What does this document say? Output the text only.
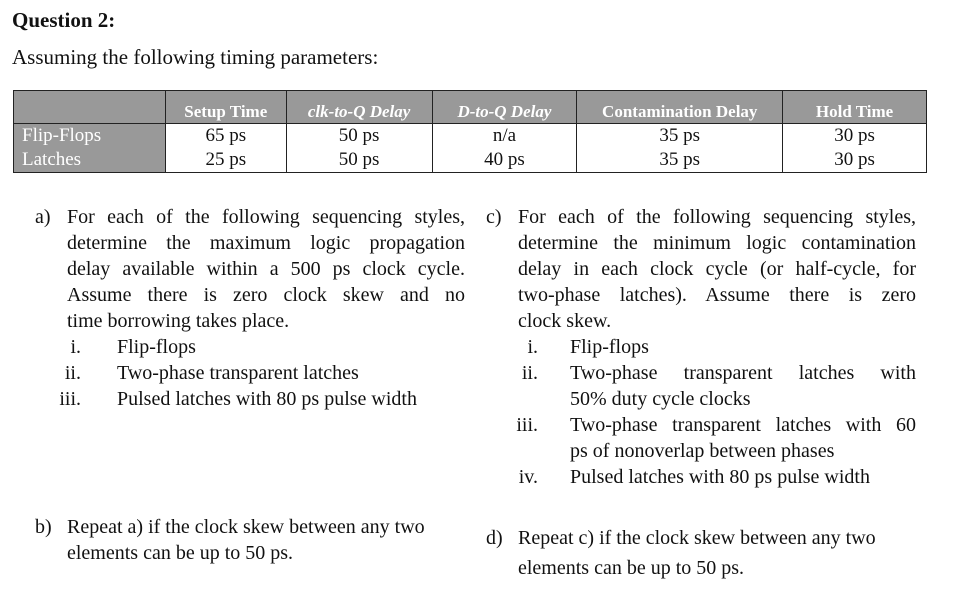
Question 2:
Assuming the following timing parameters:
	Setup Time	clk-to-Q Delay	D-to-Q Delay	Contamination Delay	Hold Time
Flip-Flops	65 ps	50 ps	n/a	35 ps	30 ps
Latches	25 ps	50 ps	40 ps	35 ps	30 ps
a) For each of the following sequencing styles,
determine the maximum logic propagation
delay available within a 500 ps clock cycle.
Assume there is zero clock skew and no
time borrowing takes place.
i. Flip-flops
ii. Two-phase transparent latches
iii. Pulsed latches with 80 ps pulse width
b) Repeat a) if the clock skew between any two
elements can be up to 50 ps.
c) For each of the following sequencing styles,
determine the minimum logic contamination
delay in each clock cycle (or half-cycle, for
two-phase latches). Assume there is zero
clock skew.
i. Flip-flops
ii. Two-phase transparent latches with
50% duty cycle clocks
iii. Two-phase transparent latches with 60
ps of nonoverlap between phases
iv. Pulsed latches with 80 ps pulse width
d) Repeat c) if the clock skew between any two
elements can be up to 50 ps.
